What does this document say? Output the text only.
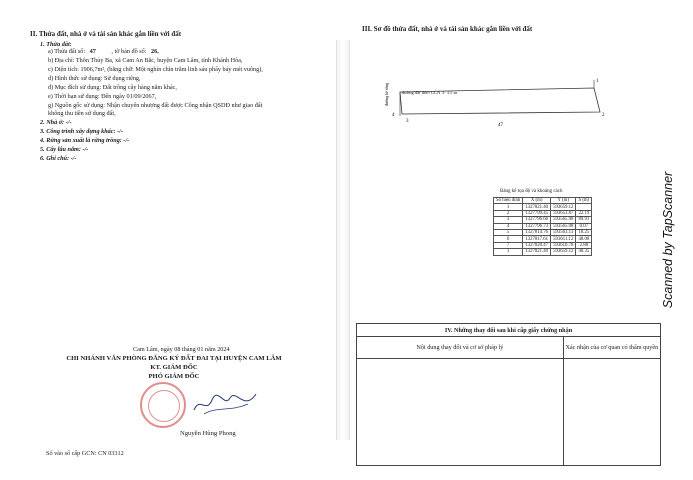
II. Thửa đất, nhà ở và tài sản khác gắn liền với đất
1. Thửa đất:
a) Thửa đất số: 47	, tờ bản đồ số: 26,
b) Địa chỉ: Thôn Thủy Ba, xã Cam An Bắc, huyện Cam Lâm, tỉnh Khánh Hòa,
c) Diện tích: 1906,7m², (bằng chữ: Một nghìn chín trăm linh sáu phẩy bảy mét vuông),
d) Hình thức sử dụng: Sử dụng riêng,
đ) Mục đích sử dụng: Đất trồng cây hàng năm khác,
e) Thời hạn sử dụng: Đến ngày 01/09/2067,
g) Nguồn gốc sử dụng: Nhận chuyển nhượng đất được Công nhận QSDĐ như giao đất
không thu tiền sử dụng đất,
2. Nhà ở: -/-
3. Công trình xây dựng khác: -/-
4. Rừng sản xuất là rừng trồng: -/-
5. Cây lâu năm: -/-
6. Ghi chú: -/-
Cam Lâm, ngày 08 tháng 01 năm 2024
CHI NHÁNH VĂN PHÒNG ĐĂNG KÝ ĐẤT ĐAI TẠI HUYỆN CAM LÂM
KT. GIÁM ĐỐC
PHÓ GIÁM ĐỐC
Nguyễn Hùng Phong
Số vào sổ cấp GCN: CN 03312
III. Sơ đồ thửa đất, nhà ở và tài sản khác gắn liền với đất
1
2
3
4
47
đường bê tông	đường đất theo GCN 3- 3.5 m
Bảng kê tọa độ và khoảng cách
Số hiệu đỉnh	X (m)	Y (m)	S (m)
1	1327821.40	593659.12	
2	1327799.45	593653.87	22.19
3	1327796.66	593565.98	89.91
4	1327796.73	593565.98	0.07
5	1327814.76	593563.13	18.25
6	1327817.61	593611.12	48.08
7	1327820.47	593610.78	2.88
1	1327821.40	593659.12	48.35
IV. Những thay đổi sau khi cấp giấy chứng nhận	
Nội dung thay đổi và cơ sở pháp lý	Xác nhận của cơ quan có thẩm quyền

Scanned by TapScanner
